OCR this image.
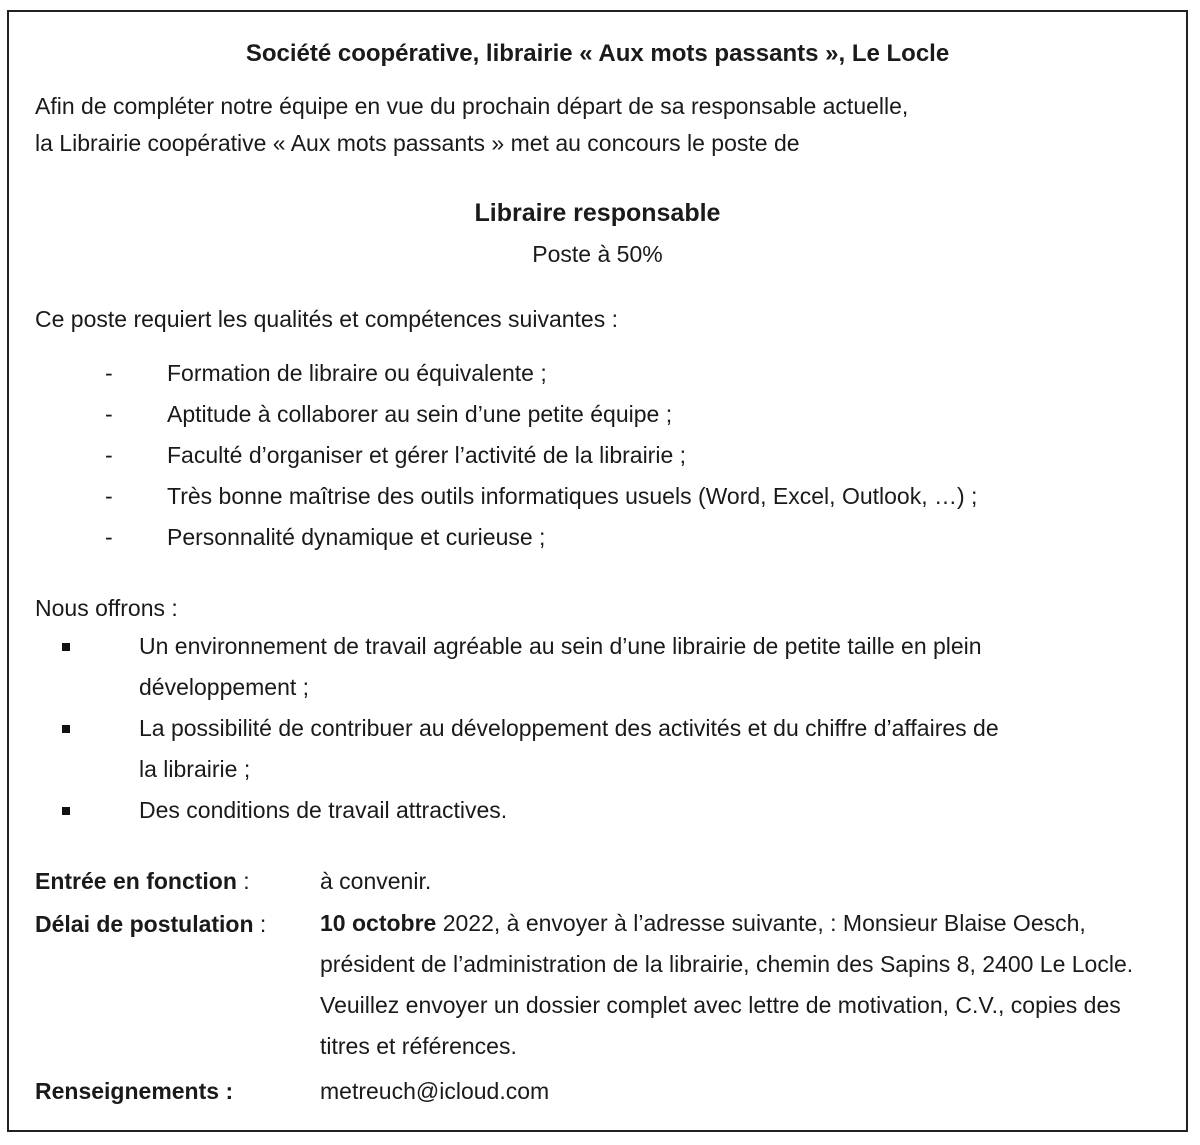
Société coopérative, librairie « Aux mots passants », Le Locle
Afin de compléter notre équipe en vue du prochain départ de sa responsable actuelle,
la Librairie coopérative « Aux mots passants » met au concours le poste de
Libraire responsable
Poste à 50%
Ce poste requiert les qualités et compétences suivantes :
- Formation de libraire ou équivalente ;
- Aptitude à collaborer au sein d’une petite équipe ;
- Faculté d’organiser et gérer l’activité de la librairie ;
- Très bonne maîtrise des outils informatiques usuels (Word, Excel, Outlook, …) ;
- Personnalité dynamique et curieuse ;
Nous offrons :
Un environnement de travail agréable au sein d’une librairie de petite taille en plein
développement ;
La possibilité de contribuer au développement des activités et du chiffre d’affaires de
la librairie ;
Des conditions de travail attractives.
Entrée en fonction :	à convenir.
Délai de postulation : 10 octobre 2022, à envoyer à l’adresse suivante, : Monsieur Blaise Oesch, président de l’administration de la librairie, chemin des Sapins 8, 2400 Le Locle. Veuillez envoyer un dossier complet avec lettre de motivation, C.V., copies des titres et références.
Renseignements :	metreuch@icloud.com
